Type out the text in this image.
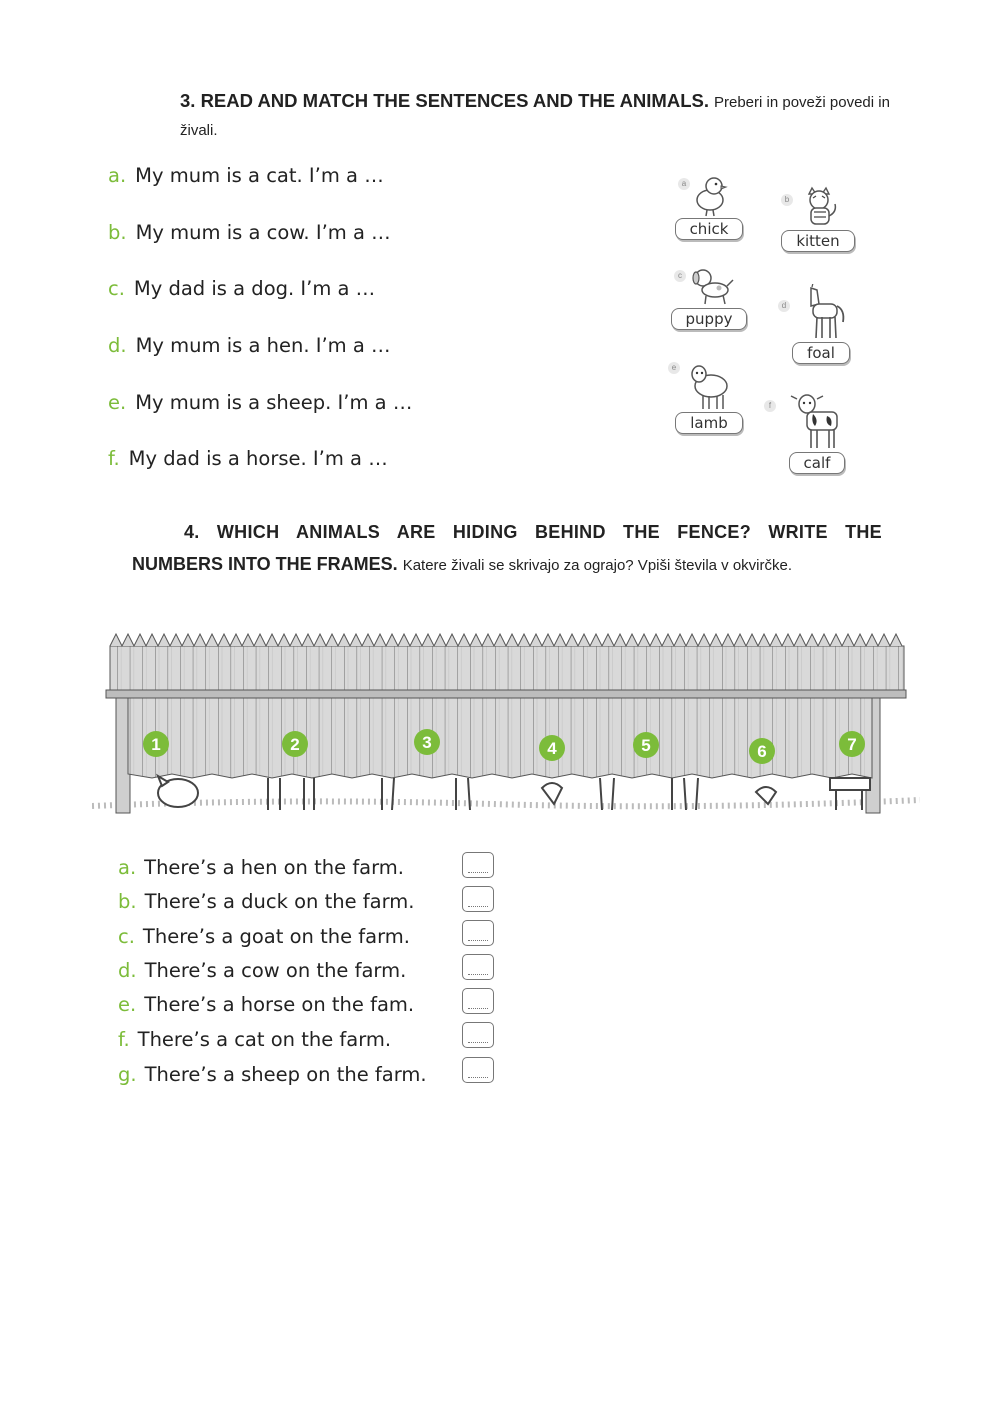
3. READ AND MATCH THE SENTENCES AND THE ANIMALS. Preberi in poveži povedi in živali.
a. My mum is a cat. I’m a …
b. My mum is a cow. I’m a …
c. My dad is a dog. I’m a …
d. My mum is a hen. I’m a …
e. My mum is a sheep. I’m a …
f. My dad is a horse. I’m a …
a
chick
b
kitten
c
puppy
d
foal
e
lamb
f
calf
4. WHICH ANIMALS ARE HIDING BEHIND THE FENCE? WRITE THE
NUMBERS INTO THE FRAMES. Katere živali se skrivajo za ograjo? Vpiši števila v okvirčke.
1	2	3	4	5	6	7
a. There’s a hen on the farm.
b. There’s a duck on the farm.
c. There’s a goat on the farm.
d. There’s a cow on the farm.
e. There’s a horse on the fam.
f. There’s a cat on the farm.
g. There’s a sheep on the farm.
